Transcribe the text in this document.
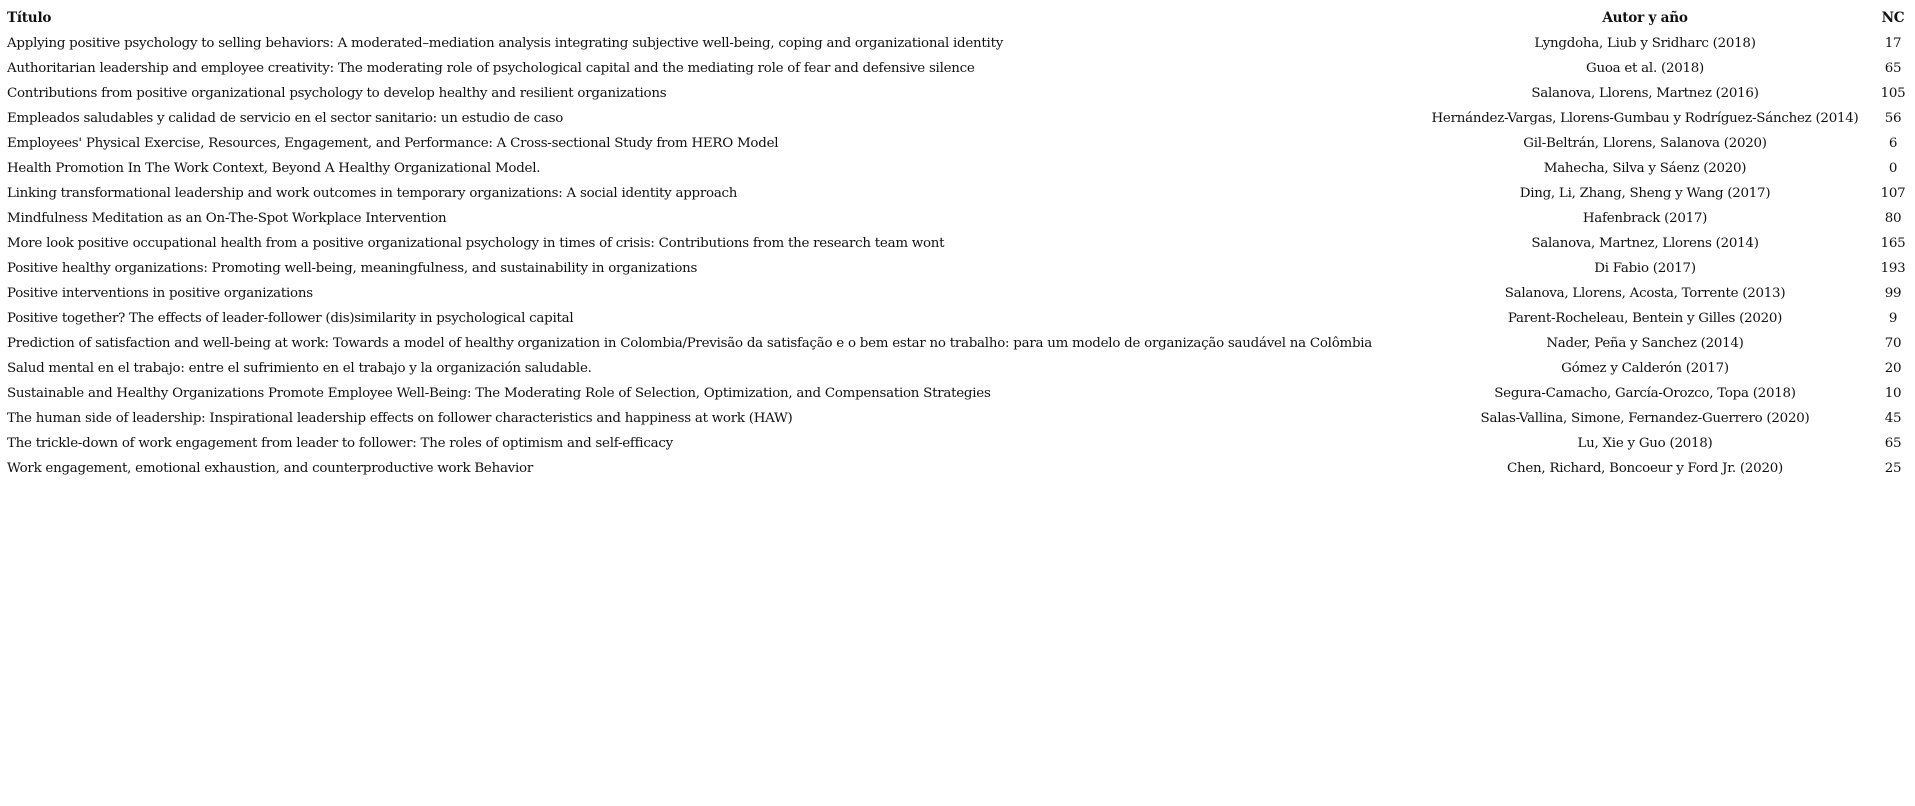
Título	Autor y año	NC
Applying positive psychology to selling behaviors: A moderated–mediation analysis integrating subjective well-being, coping and organizational identity	Lyngdoha, Liub y Sridharc (2018)	17
Authoritarian leadership and employee creativity: The moderating role of psychological capital and the mediating role of fear and defensive silence	Guoa et al. (2018)	65
Contributions from positive organizational psychology to develop healthy and resilient organizations	Salanova, Llorens, Martnez (2016)	105
Empleados saludables y calidad de servicio en el sector sanitario: un estudio de caso	Hernández-Vargas, Llorens-Gumbau y Rodríguez-Sánchez (2014)	56
Employees' Physical Exercise, Resources, Engagement, and Performance: A Cross-sectional Study from HERO Model	Gil-Beltrán, Llorens, Salanova (2020)	6
Health Promotion In The Work Context, Beyond A Healthy Organizational Model.	Mahecha, Silva y Sáenz (2020)	0
Linking transformational leadership and work outcomes in temporary organizations: A social identity approach	Ding, Li, Zhang, Sheng y Wang (2017)	107
Mindfulness Meditation as an On-The-Spot Workplace Intervention	Hafenbrack (2017)	80
More look positive occupational health from a positive organizational psychology in times of crisis: Contributions from the research team wont	Salanova, Martnez, Llorens (2014)	165
Positive healthy organizations: Promoting well-being, meaningfulness, and sustainability in organizations	Di Fabio (2017)	193
Positive interventions in positive organizations	Salanova, Llorens, Acosta, Torrente (2013)	99
Positive together? The effects of leader-follower (dis)similarity in psychological capital	Parent-Rocheleau, Bentein y Gilles (2020)	9
Prediction of satisfaction and well-being at work: Towards a model of healthy organization in Colombia/Previsão da satisfação e o bem estar no trabalho: para um modelo de organização saudável na Colômbia	Nader, Peña y Sanchez (2014)	70
Salud mental en el trabajo: entre el sufrimiento en el trabajo y la organización saludable.	Gómez y Calderón (2017)	20
Sustainable and Healthy Organizations Promote Employee Well-Being: The Moderating Role of Selection, Optimization, and Compensation Strategies	Segura-Camacho, García-Orozco, Topa (2018)	10
The human side of leadership: Inspirational leadership effects on follower characteristics and happiness at work (HAW)	Salas-Vallina, Simone, Fernandez-Guerrero (2020)	45
The trickle-down of work engagement from leader to follower: The roles of optimism and self-efficacy	Lu, Xie y Guo (2018)	65
Work engagement, emotional exhaustion, and counterproductive work Behavior	Chen, Richard, Boncoeur y Ford Jr. (2020)	25
